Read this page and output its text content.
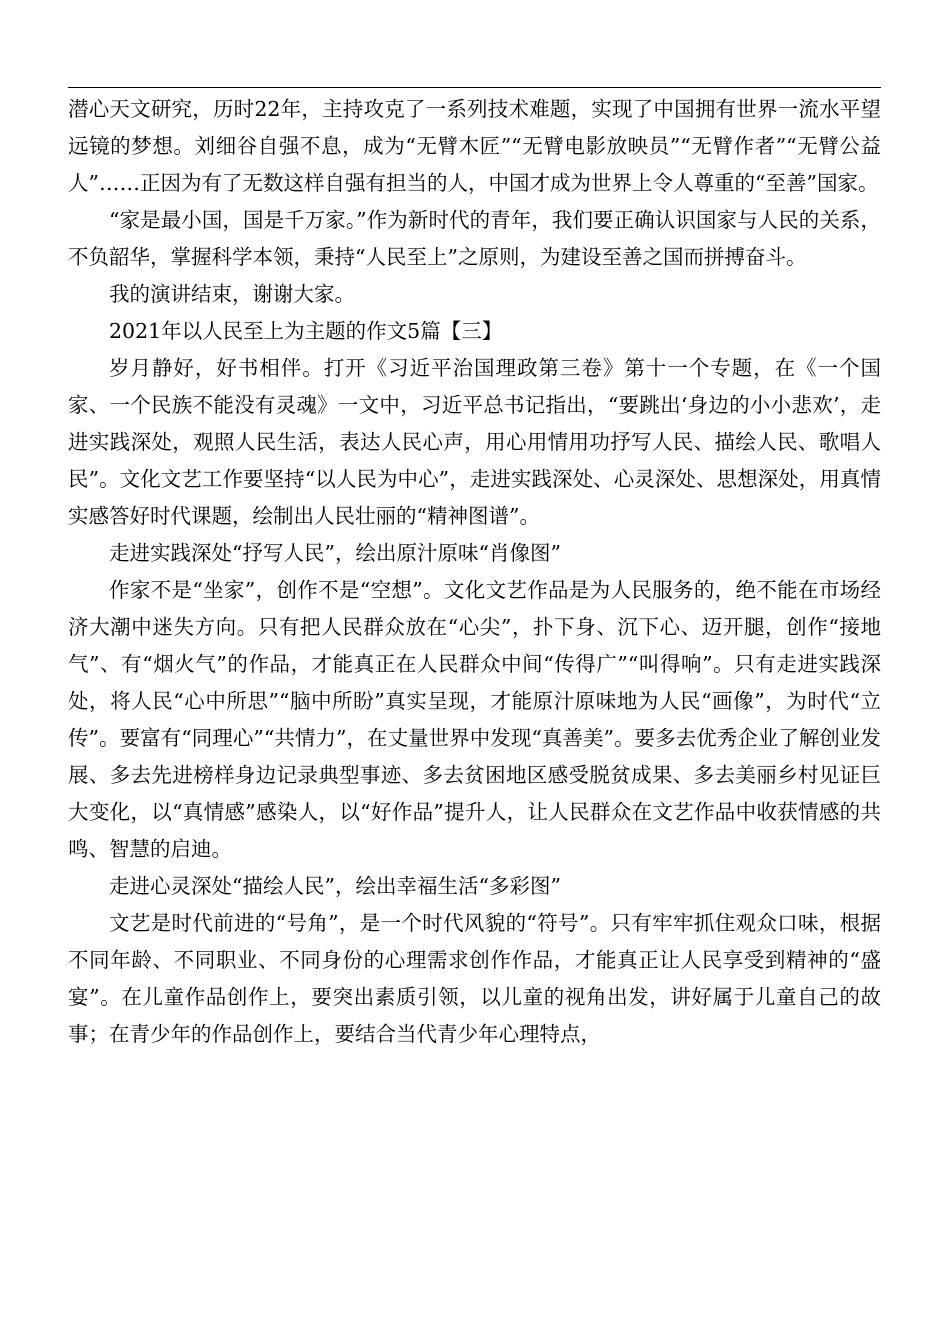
潜心天文研究，历时22年，主持攻克了一系列技术难题，实现了中国拥有世界一流水平望远镜的梦想。刘细谷自强不息，成为“无臂木匠”“无臂电影放映员”“无臂作者”“无臂公益人”……正因为有了无数这样自强有担当的人，中国才成为世界上令人尊重的“至善”国家。

“家是最小国，国是千万家。”作为新时代的青年，我们要正确认识国家与人民的关系，不负韶华，掌握科学本领，秉持“人民至上”之原则，为建设至善之国而拼搏奋斗。

我的演讲结束，谢谢大家。

2021年以人民至上为主题的作文5篇【三】

岁月静好，好书相伴。打开《习近平治国理政第三卷》第十一个专题，在《一个国家、一个民族不能没有灵魂》一文中，习近平总书记指出，“要跳出‘身边的小小悲欢’，走进实践深处，观照人民生活，表达人民心声，用心用情用功抒写人民、描绘人民、歌唱人民”。文化文艺工作要坚持“以人民为中心”，走进实践深处、心灵深处、思想深处，用真情实感答好时代课题，绘制出人民壮丽的“精神图谱”。

走进实践深处“抒写人民”，绘出原汁原味“肖像图”

作家不是“坐家”，创作不是“空想”。文化文艺作品是为人民服务的，绝不能在市场经济大潮中迷失方向。只有把人民群众放在“心尖”，扑下身、沉下心、迈开腿，创作“接地气”、有“烟火气”的作品，才能真正在人民群众中间“传得广”“叫得响”。只有走进实践深处，将人民“心中所思”“脑中所盼”真实呈现，才能原汁原味地为人民“画像”，为时代“立传”。要富有“同理心”“共情力”，在丈量世界中发现“真善美”。要多去优秀企业了解创业发展、多去先进榜样身边记录典型事迹、多去贫困地区感受脱贫成果、多去美丽乡村见证巨大变化，以“真情感”感染人，以“好作品”提升人，让人民群众在文艺作品中收获情感的共鸣、智慧的启迪。

走进心灵深处“描绘人民”，绘出幸福生活“多彩图”

文艺是时代前进的“号角”，是一个时代风貌的“符号”。只有牢牢抓住观众口味，根据不同年龄、不同职业、不同身份的心理需求创作作品，才能真正让人民享受到精神的“盛宴”。在儿童作品创作上，要突出素质引领，以儿童的视角出发，讲好属于儿童自己的故事；在青少年的作品创作上，要结合当代青少年心理特点，
